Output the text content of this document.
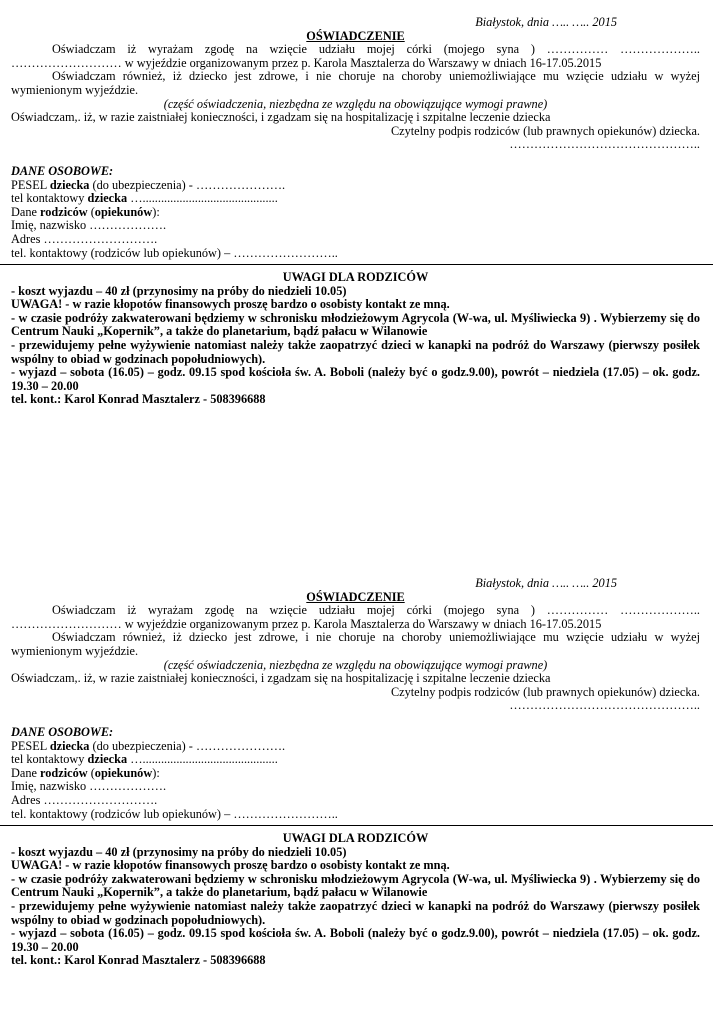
Białystok, dnia ….. ….. 2015
OŚWIADCZENIE
Oświadczam iż wyrażam zgodę na wzięcie udziału mojej córki (mojego syna ) …………… ……………….. ……………………… w wyjeździe organizowanym przez p. Karola Masztalerza do Warszawy w dniach 16-17.05.2015
Oświadczam również, iż dziecko jest zdrowe, i nie choruje na choroby uniemożliwiające mu wzięcie udziału w wyżej wymienionym wyjeździe.
(część oświadczenia, niezbędna ze względu na obowiązujące wymogi prawne)
Oświadczam,. iż, w razie zaistniałej konieczności, i zgadzam się na hospitalizację i szpitalne leczenie dziecka
Czytelny podpis rodziców (lub prawnych opiekunów) dziecka.
………………………………………..
DANE OSOBOWE:
PESEL dziecka (do ubezpieczenia) - ………………….
tel kontaktowy dziecka …............................................
Dane rodziców (opiekunów):
Imię, nazwisko ……………….
Adres ……………………….
tel. kontaktowy (rodziców lub opiekunów) – ……………………..
UWAGI DLA RODZICÓW
- koszt wyjazdu – 40 zł (przynosimy na próby do niedzieli 10.05)
UWAGA! - w razie kłopotów finansowych proszę bardzo o osobisty kontakt ze mną.
- w czasie podróży zakwaterowani będziemy w schronisku młodzieżowym Agrycola (W-wa, ul. Myśliwiecka 9) . Wybierzemy się do Centrum Nauki „Kopernik”, a także do planetarium, bądź pałacu w Wilanowie
- przewidujemy pełne wyżywienie natomiast należy także zaopatrzyć dzieci w kanapki na podróż do Warszawy (pierwszy posiłek wspólny to obiad w godzinach popołudniowych).
- wyjazd – sobota (16.05) – godz. 09.15 spod kościoła św. A. Boboli (należy być o godz.9.00), powrót – niedziela (17.05) – ok. godz. 19.30 – 20.00
tel. kont.: Karol Konrad Masztalerz - 508396688
Białystok, dnia ….. ….. 2015
OŚWIADCZENIE
Oświadczam iż wyrażam zgodę na wzięcie udziału mojej córki (mojego syna ) …………… ……………….. ……………………… w wyjeździe organizowanym przez p. Karola Masztalerza do Warszawy w dniach 16-17.05.2015
Oświadczam również, iż dziecko jest zdrowe, i nie choruje na choroby uniemożliwiające mu wzięcie udziału w wyżej wymienionym wyjeździe.
(część oświadczenia, niezbędna ze względu na obowiązujące wymogi prawne)
Oświadczam,. iż, w razie zaistniałej konieczności, i zgadzam się na hospitalizację i szpitalne leczenie dziecka
Czytelny podpis rodziców (lub prawnych opiekunów) dziecka.
………………………………………..
DANE OSOBOWE:
PESEL dziecka (do ubezpieczenia) - ………………….
tel kontaktowy dziecka …............................................
Dane rodziców (opiekunów):
Imię, nazwisko ……………….
Adres ……………………….
tel. kontaktowy (rodziców lub opiekunów) – ……………………..
UWAGI DLA RODZICÓW
- koszt wyjazdu – 40 zł (przynosimy na próby do niedzieli 10.05)
UWAGA! - w razie kłopotów finansowych proszę bardzo o osobisty kontakt ze mną.
- w czasie podróży zakwaterowani będziemy w schronisku młodzieżowym Agrycola (W-wa, ul. Myśliwiecka 9) . Wybierzemy się do Centrum Nauki „Kopernik”, a także do planetarium, bądź pałacu w Wilanowie
- przewidujemy pełne wyżywienie natomiast należy także zaopatrzyć dzieci w kanapki na podróż do Warszawy (pierwszy posiłek wspólny to obiad w godzinach popołudniowych).
- wyjazd – sobota (16.05) – godz. 09.15 spod kościoła św. A. Boboli (należy być o godz.9.00), powrót – niedziela (17.05) – ok. godz. 19.30 – 20.00
tel. kont.: Karol Konrad Masztalerz - 508396688
